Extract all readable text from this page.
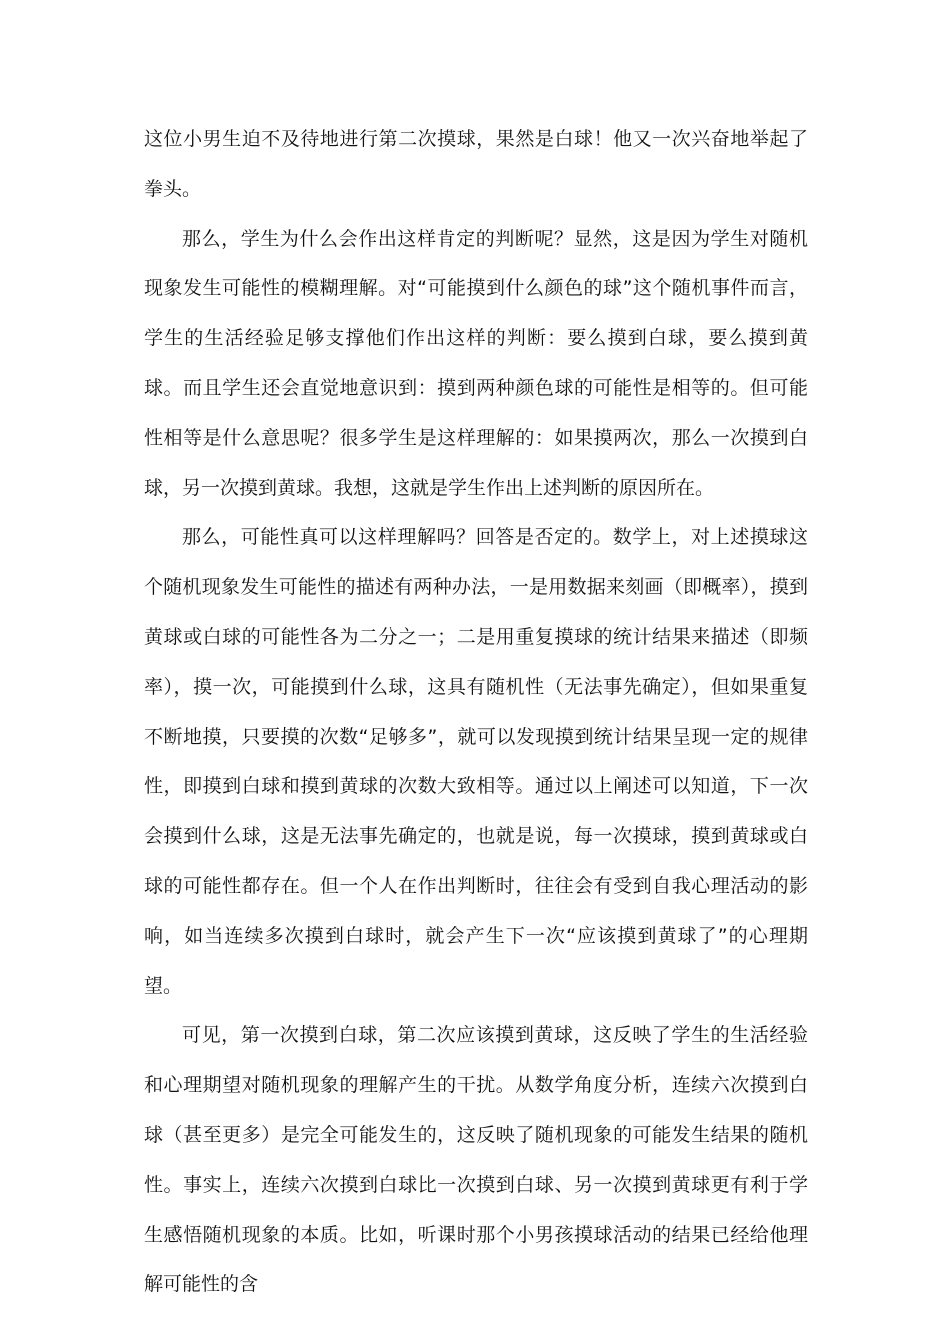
这位小男生迫不及待地进行第二次摸球，果然是白球！他又一次兴奋地举起了拳头。

那么，学生为什么会作出这样肯定的判断呢？显然，这是因为学生对随机现象发生可能性的模糊理解。对“可能摸到什么颜色的球”这个随机事件而言，学生的生活经验足够支撑他们作出这样的判断：要么摸到白球，要么摸到黄球。而且学生还会直觉地意识到：摸到两种颜色球的可能性是相等的。但可能性相等是什么意思呢？很多学生是这样理解的：如果摸两次，那么一次摸到白球，另一次摸到黄球。我想，这就是学生作出上述判断的原因所在。

那么，可能性真可以这样理解吗？回答是否定的。数学上，对上述摸球这个随机现象发生可能性的描述有两种办法，一是用数据来刻画（即概率），摸到黄球或白球的可能性各为二分之一；二是用重复摸球的统计结果来描述（即频率），摸一次，可能摸到什么球，这具有随机性（无法事先确定），但如果重复不断地摸，只要摸的次数“足够多”，就可以发现摸到统计结果呈现一定的规律性，即摸到白球和摸到黄球的次数大致相等。通过以上阐述可以知道，下一次会摸到什么球，这是无法事先确定的，也就是说，每一次摸球，摸到黄球或白球的可能性都存在。但一个人在作出判断时，往往会有受到自我心理活动的影响，如当连续多次摸到白球时，就会产生下一次“应该摸到黄球了”的心理期望。

可见，第一次摸到白球，第二次应该摸到黄球，这反映了学生的生活经验和心理期望对随机现象的理解产生的干扰。从数学角度分析，连续六次摸到白球（甚至更多）是完全可能发生的，这反映了随机现象的可能发生结果的随机性。事实上，连续六次摸到白球比一次摸到白球、另一次摸到黄球更有利于学生感悟随机现象的本质。比如，听课时那个小男孩摸球活动的结果已经给他理解可能性的含
